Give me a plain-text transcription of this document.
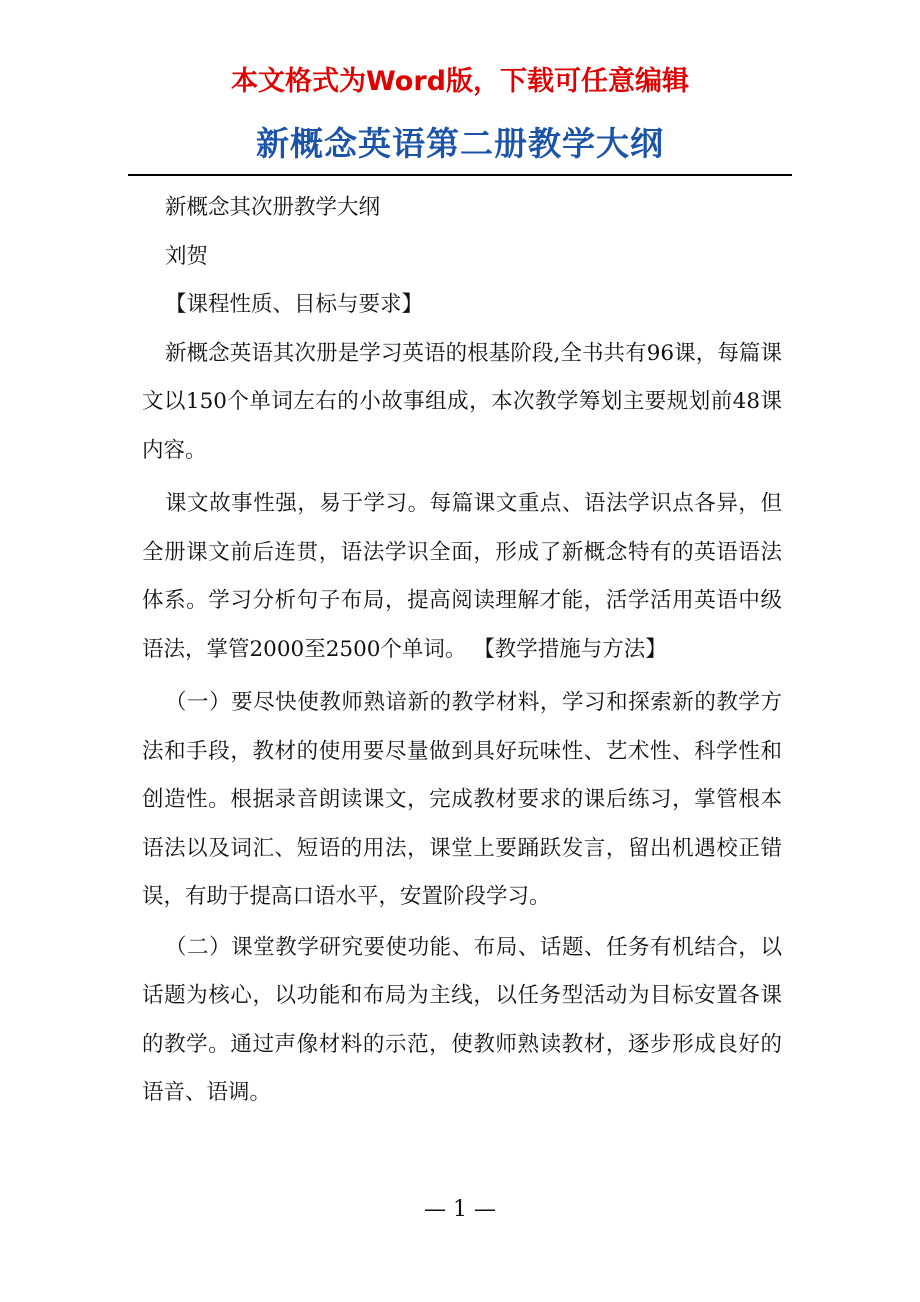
本文格式为Word版，下载可任意编辑
新概念英语第二册教学大纲

新概念其次册教学大纲

刘贺

【课程性质、目标与要求】

新概念英语其次册是学习英语的根基阶段,全书共有96课，每篇课文以150个单词左右的小故事组成，本次教学筹划主要规划前48课内容。

课文故事性强，易于学习。每篇课文重点、语法学识点各异，但全册课文前后连贯，语法学识全面，形成了新概念特有的英语语法体系。学习分析句子布局，提高阅读理解才能，活学活用英语中级语法，掌管2000至2500个单词。 【教学措施与方法】

（一）要尽快使教师熟谙新的教学材料，学习和探索新的教学方法和手段，教材的使用要尽量做到具好玩味性、艺术性、科学性和创造性。根据录音朗读课文，完成教材要求的课后练习，掌管根本语法以及词汇、短语的用法，课堂上要踊跃发言，留出机遇校正错误，有助于提高口语水平，安置阶段学习。

（二）课堂教学研究要使功能、布局、话题、任务有机结合，以话题为核心，以功能和布局为主线，以任务型活动为目标安置各课的教学。通过声像材料的示范，使教师熟读教材，逐步形成良好的语音、语调。

— 1 —
